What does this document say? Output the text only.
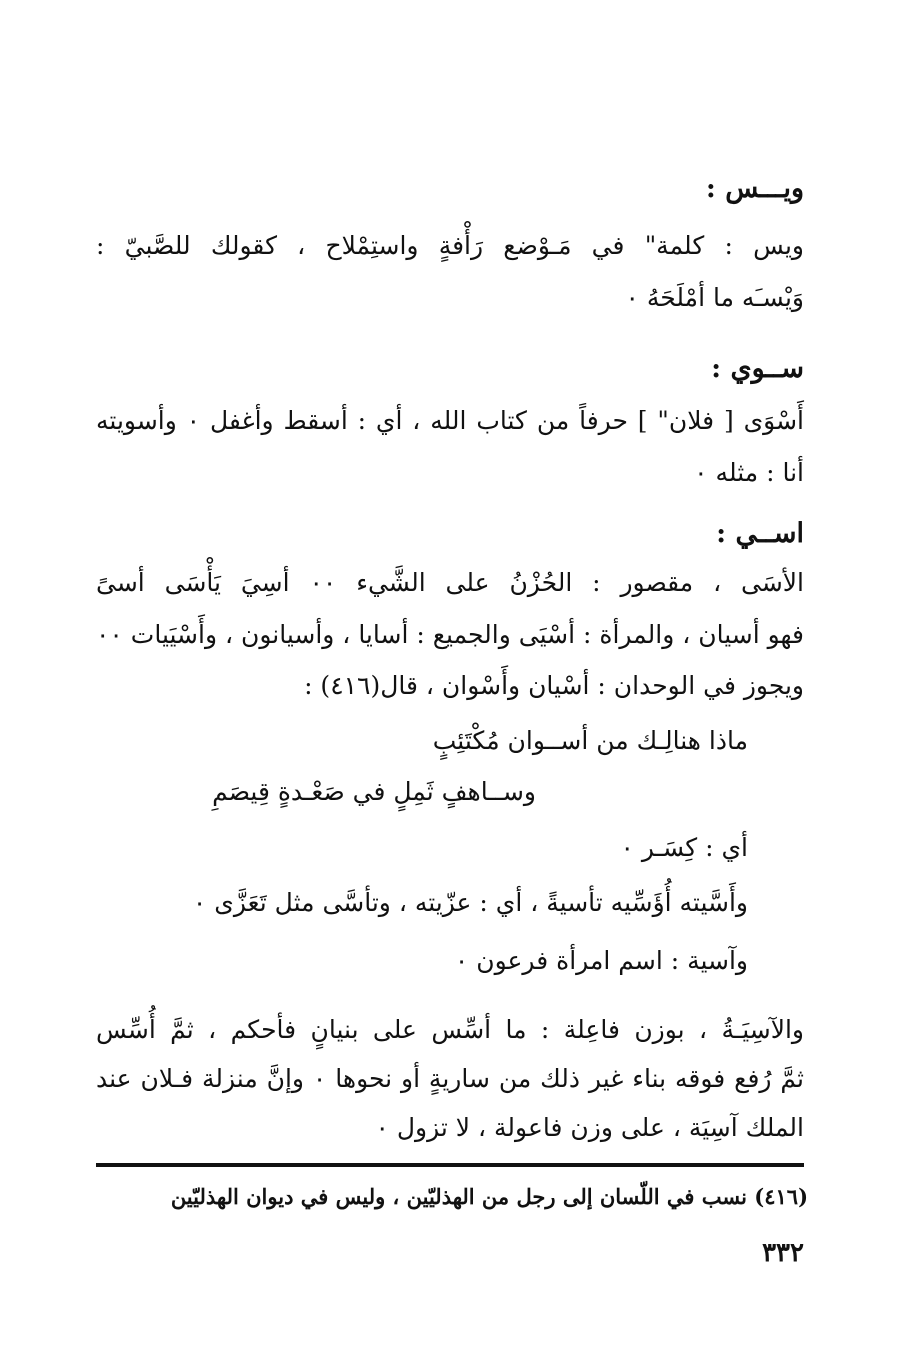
ويـــس :
ويس : كلمة" في مَـوْضع رَأْفةٍ واستِمْلاح ، كقولك للصَّبيّ :
وَيْسـَه ما أمْلَحَهُ ٠
ســوي :
أَسْوَى [ فلان" ] حرفاً من كتاب الله ، أي : أسقط وأغفل ٠ وأسويته
أنا : مثله ٠
اســي :
الأسَى ، مقصور : الحُزْنُ على الشَّيء ٠٠ أسِيَ يَأْسَى أسىً
فهو أسيان ، والمرأة : أسْيَى والجميع : أسايا ، وأسيانون ، وأَسْيَيات ٠٠
ويجوز في الوحدان : أسْيان وأَسْوان ، قال(٤١٦) :
ماذا هنالِـك من أســوان مُكْتَئِبٍ
وســاهفٍ ثَمِلٍ في صَعْـدةٍ قِيصَمِ
أي : كِسَـر ٠
وأَسَّيته أُؤَسِّيه تأسيةً ، أي : عزّيته ، وتأسَّى مثل تَعَزَّى ٠
وآسية : اسم امرأة فرعون ٠
والآسِيَـةُ ، بوزن فاعِلة : ما أسِّس على بنيانٍ فأحكم ، ثمَّ أُسِّس
ثمَّ رُفع فوقه بناء غير ذلك من ساريةٍ أو نحوها ٠ وإنَّ منزلة فـلان عند
الملك آسِيَة ، على وزن فاعولة ، لا تزول ٠
(٤١٦) نسب في اللّسان إلى رجل من الهذليّين ، وليس في ديوان الهذليّين
٣٣٢
